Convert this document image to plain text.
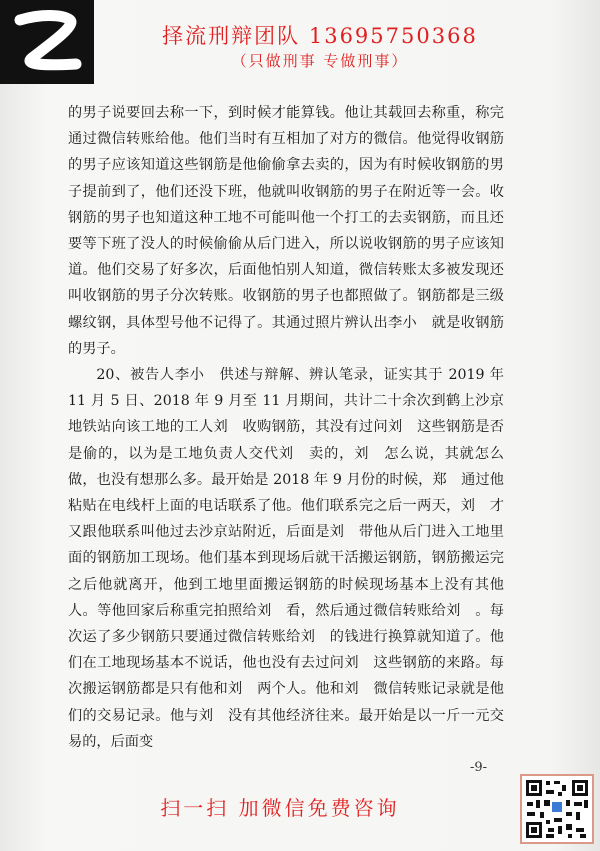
择流刑辩团队 13695750368
（只做刑事 专做刑事）

的男子说要回去称一下，到时候才能算钱。他让其载回去称重，称完通过微信转账给他。他们当时有互相加了对方的微信。他觉得收钢筋的男子应该知道这些钢筋是他偷偷拿去卖的，因为有时候收钢筋的男子提前到了，他们还没下班，他就叫收钢筋的男子在附近等一会。收钢筋的男子也知道这种工地不可能叫他一个打工的去卖钢筋，而且还要等下班了没人的时候偷偷从后门进入，所以说收钢筋的男子应该知道。他们交易了好多次，后面他怕别人知道，微信转账太多被发现还叫收钢筋的男子分次转账。收钢筋的男子也都照做了。钢筋都是三级螺纹钢，具体型号他不记得了。其通过照片辨认出李小　就是收钢筋的男子。

20、被告人李小　供述与辩解、辨认笔录，证实其于 2019 年 11 月 5 日、2018 年 9 月至 11 月期间，共计二十余次到鹤上沙京地铁站向该工地的工人刘　收购钢筋，其没有过问刘　这些钢筋是否是偷的，以为是工地负责人交代刘　卖的，刘　怎么说，其就怎么做，也没有想那么多。最开始是 2018 年 9 月份的时候，郑　通过他粘贴在电线杆上面的电话联系了他。他们联系完之后一两天，刘　才又跟他联系叫他过去沙京站附近，后面是刘　带他从后门进入工地里面的钢筋加工现场。他们基本到现场后就干活搬运钢筋，钢筋搬运完之后他就离开，他到工地里面搬运钢筋的时候现场基本上没有其他人。等他回家后称重完拍照给刘　看，然后通过微信转账给刘　。每次运了多少钢筋只要通过微信转账给刘　的钱进行换算就知道了。他们在工地现场基本不说话，他也没有去过问刘　这些钢筋的来路。每次搬运钢筋都是只有他和刘　两个人。他和刘　微信转账记录就是他们的交易记录。他与刘　没有其他经济往来。最开始是以一斤一元交易的，后面变

-9-
扫一扫 加微信免费咨询
